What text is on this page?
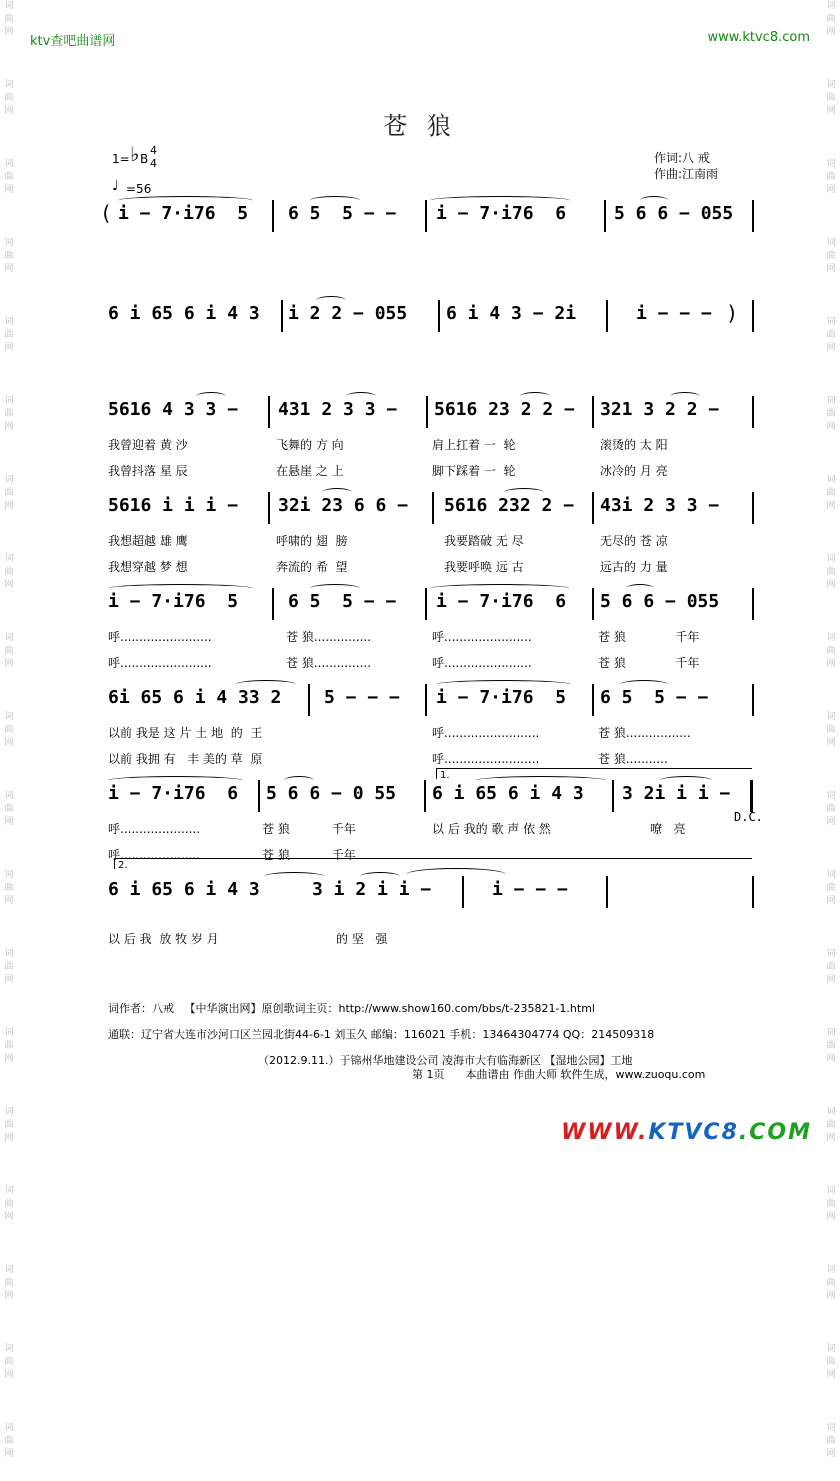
词
曲
网
词
曲
网
词
曲
网
词
曲
网
词
曲
网
词
曲
网
词
曲
网
词
曲
网
词
曲
网
词
曲
网
词
曲
网
词
曲
网
词
曲
网
词
曲
网
词
曲
网
词
曲
网
词
曲
网
词
曲
网
词
曲
网
词
曲
网
词
曲
网
词
曲
网
词
曲
网
词
曲
网
词
曲
网
词
曲
网
词
曲
网
词
曲
网
词
曲
网
词
曲
网
词
曲
网
词
曲
网
词
曲
网
词
曲
网
词
曲
网
词
曲
网
词
曲
网
词
曲
网
ktv查吧曲谱网	www.ktvc8.com
苍 狼
1= ♭ B
4
4
♩ =56
作词:八 戒
作曲:江南雨
( i − 7·i76  5 6 5  5 − − i − 7·i76  6	5 6 6 − 055
6 i 65 6 i 4 3 i 2 2 − 055 6 i 4 3 − 2i	i − − − )
5616 4 3 3 − 431 2 3 3 − 5616 23 2 2 − 321 3 2 2 −
我曾迎着 黄 沙	飞舞的 方 向	肩上扛着 一  轮	滚烫的 太 阳
我曾抖落 星 辰	在悬崖 之 上	脚下踩着 一  轮	冰冷的 月 亮
5616 i i i − 32i 23 6 6 − 5616 232 2 − 43i 2 3 3 −
我想超越 雄 鹰	呼啸的 翅  膀	我要踏破 无 尽	无尽的 苍 凉
我想穿越 梦 想	奔流的 希  望	我要呼唤 远 古	远古的 力 量
i − 7·i76  5	6 5  5 − − i − 7·i76  6 5 6 6 − 055
呼........................	苍 狼...............	呼.......................	苍 狼             千年
呼........................	苍 狼...............	呼.......................	苍 狼             千年
6i 65 6 i 4 33 2 5 − − − i − 7·i76  5 6 5  5 − −
以前 我是 这 片 土 地  的  王	呼.........................	苍 狼.................
以前 我拥 有   丰 美的 草  原	呼.........................	苍 狼...........
1.
i − 7·i76  6 5 6 6 − 0 55 6 i 65 6 i 4 3 3 2i i i −
D.C.
呼.....................	苍 狼           千年	以 后 我的 歌 声 依 然	嘹   亮
呼.....................	苍 狼           千年
2.
6 i 65 6 i 4 3	3 i 2 i i −	i − − −
以 后 我  放 牧 岁 月	的 坚   强
词作者：八戒   【中华演出网】原创歌词主页：http://www.show160.com/bbs/t-235821-1.html
通联：辽宁省大连市沙河口区兰园北街44-6-1 刘玉久 邮编：116021 手机：13464304774 QQ：214509318
（2012.9.11.）于锦州华地建设公司 凌海市大有临海新区 【湿地公园】工地
第 1页      本曲谱由 作曲大师 软件生成，www.zuoqu.com
WWW.KTVC8.COM
